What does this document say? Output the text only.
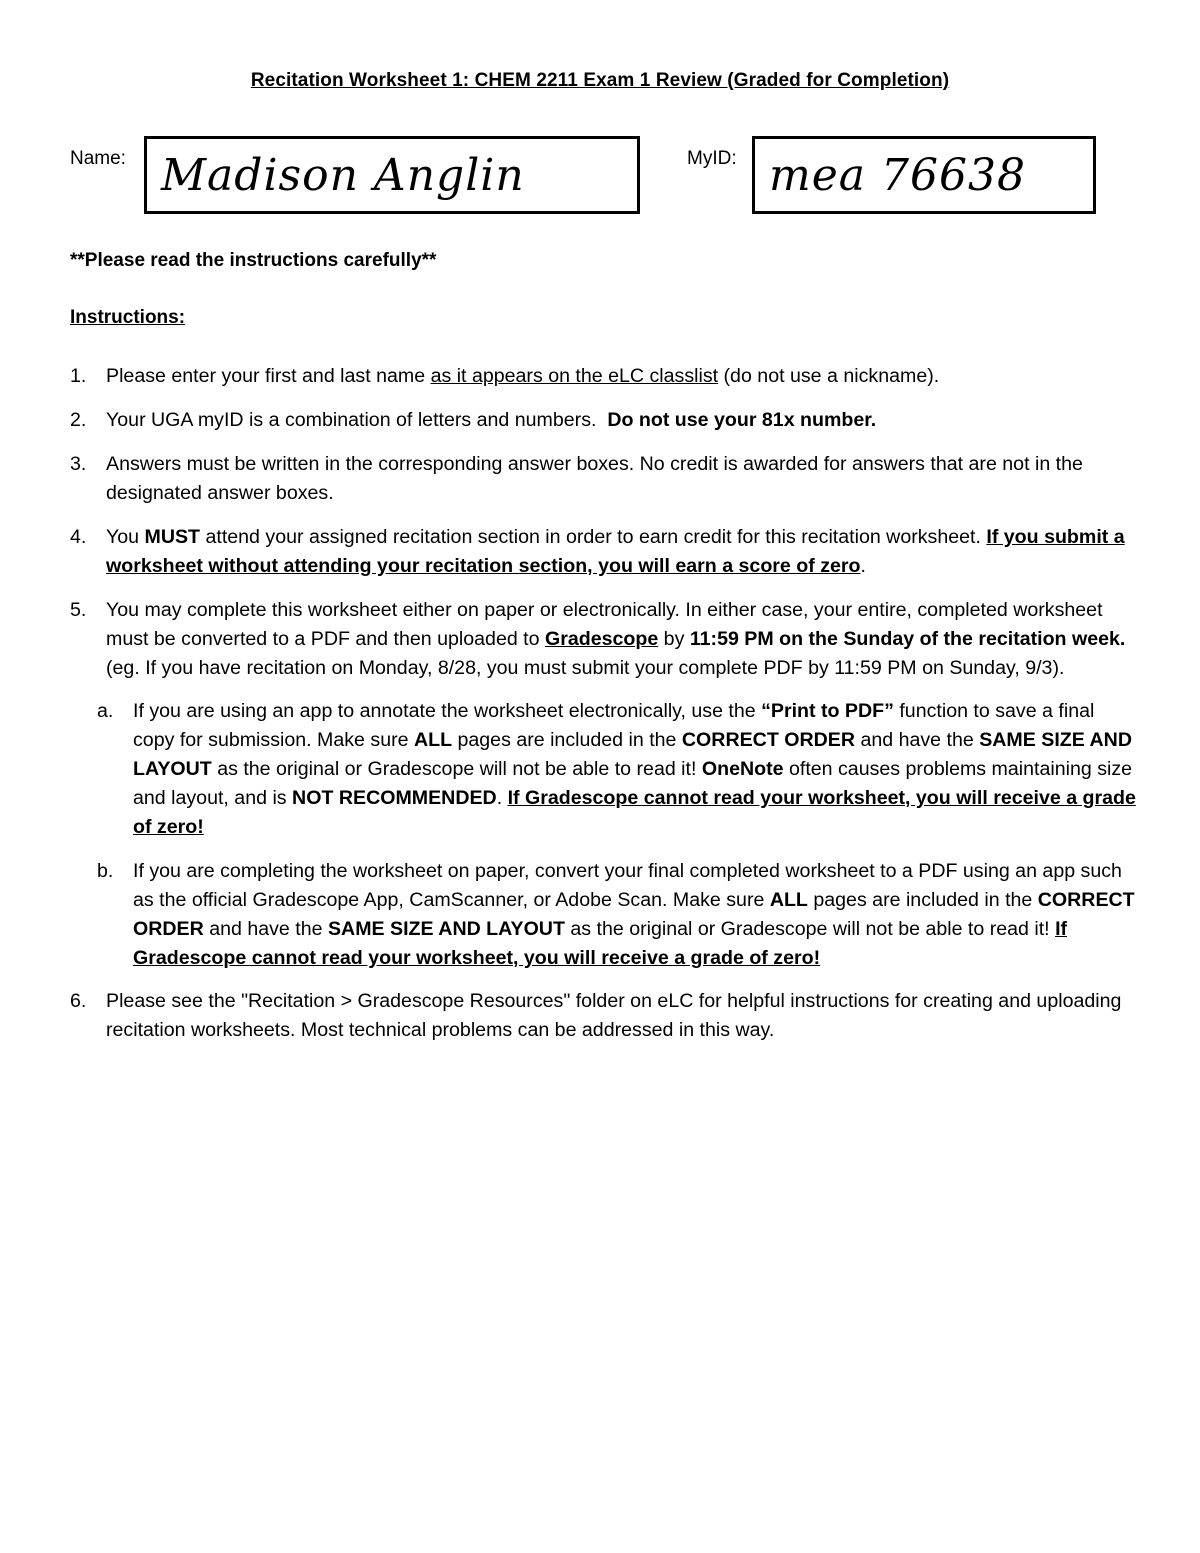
Recitation Worksheet 1: CHEM 2211 Exam 1 Review (Graded for Completion)
Name: Madison Anglin	MyID: mea 76638
**Please read the instructions carefully**
Instructions:
1. Please enter your first and last name as it appears on the eLC classlist (do not use a nickname).
2. Your UGA myID is a combination of letters and numbers.  Do not use your 81x number.
3. Answers must be written in the corresponding answer boxes. No credit is awarded for answers that are not in the designated answer boxes.
4. You MUST attend your assigned recitation section in order to earn credit for this recitation worksheet. If you submit a worksheet without attending your recitation section, you will earn a score of zero.
5. You may complete this worksheet either on paper or electronically. In either case, your entire, completed worksheet must be converted to a PDF and then uploaded to Gradescope by 11:59 PM on the Sunday of the recitation week. (eg. If you have recitation on Monday, 8/28, you must submit your complete PDF by 11:59 PM on Sunday, 9/3).
a. If you are using an app to annotate the worksheet electronically, use the “Print to PDF” function to save a final copy for submission. Make sure ALL pages are included in the CORRECT ORDER and have the SAME SIZE AND LAYOUT as the original or Gradescope will not be able to read it! OneNote often causes problems maintaining size and layout, and is NOT RECOMMENDED. If Gradescope cannot read your worksheet, you will receive a grade of zero!
b. If you are completing the worksheet on paper, convert your final completed worksheet to a PDF using an app such as the official Gradescope App, CamScanner, or Adobe Scan. Make sure ALL pages are included in the CORRECT ORDER and have the SAME SIZE AND LAYOUT as the original or Gradescope will not be able to read it! If Gradescope cannot read your worksheet, you will receive a grade of zero!
6. Please see the "Recitation > Gradescope Resources" folder on eLC for helpful instructions for creating and uploading recitation worksheets. Most technical problems can be addressed in this way.
